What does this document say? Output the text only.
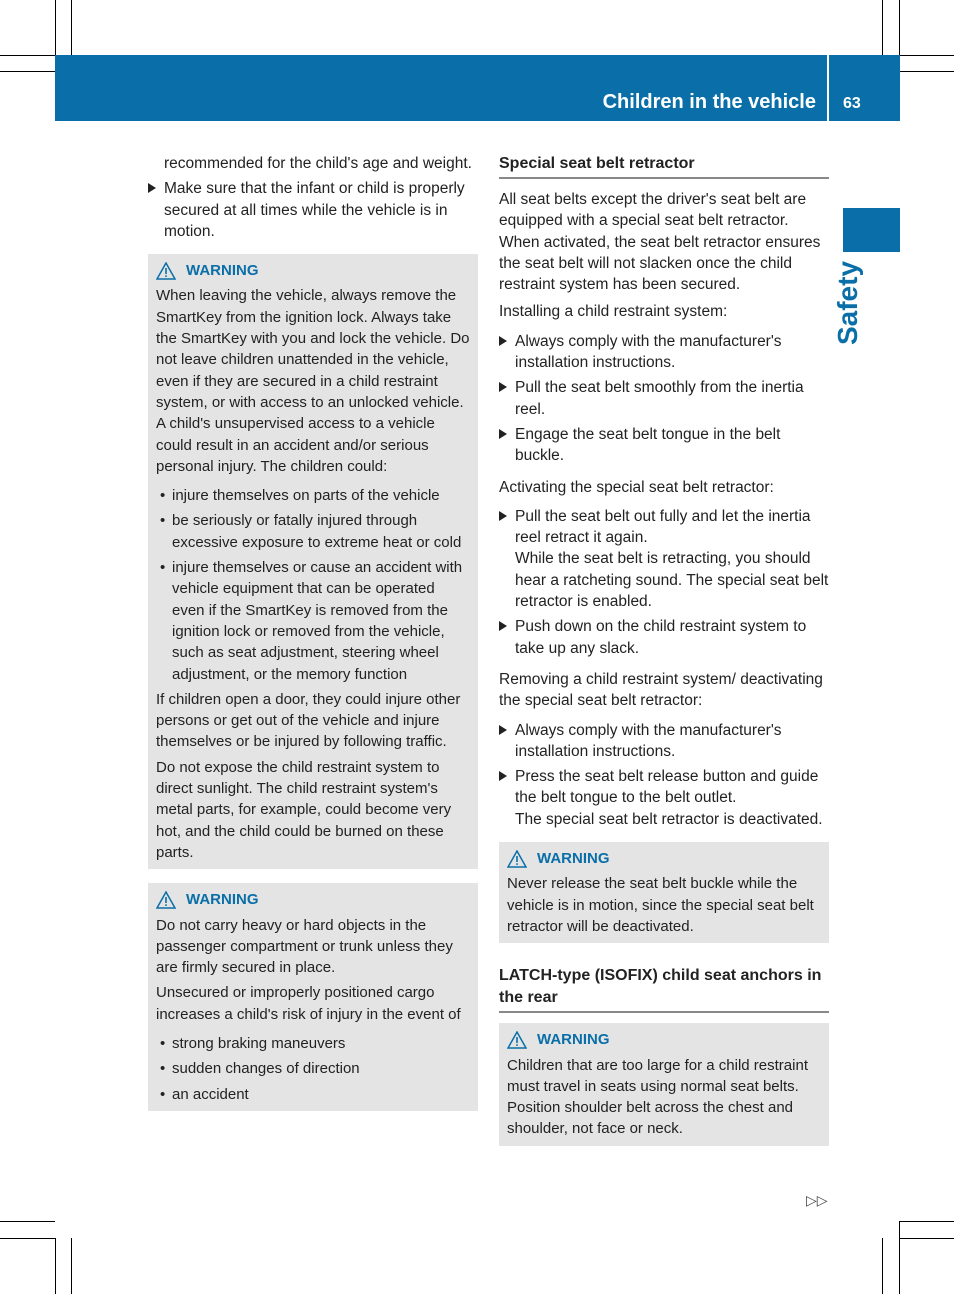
Children in the vehicle 63
Safety

recommended for the child's age and weight.

Make sure that the infant or child is properly secured at all times while the vehicle is in motion.
WARNING

When leaving the vehicle, always remove the SmartKey from the ignition lock. Always take the SmartKey with you and lock the vehicle. Do not leave children unattended in the vehicle, even if they are secured in a child restraint system, or with access to an unlocked vehicle. A child's unsupervised access to a vehicle could result in an accident and/or serious personal injury. The children could:

• injure themselves on parts of the vehicle
• be seriously or fatally injured through excessive exposure to extreme heat or cold
• injure themselves or cause an accident with vehicle equipment that can be operated even if the SmartKey is removed from the ignition lock or removed from the vehicle, such as seat adjustment, steering wheel adjustment, or the memory function

If children open a door, they could injure other persons or get out of the vehicle and injure themselves or be injured by following traffic.

Do not expose the child restraint system to direct sunlight. The child restraint system's metal parts, for example, could become very hot, and the child could be burned on these parts.

WARNING

Do not carry heavy or hard objects in the passenger compartment or trunk unless they are firmly secured in place.

Unsecured or improperly positioned cargo increases a child's risk of injury in the event of

• strong braking maneuvers
• sudden changes of direction
• an accident
Special seat belt retractor

All seat belts except the driver's seat belt are equipped with a special seat belt retractor. When activated, the seat belt retractor ensures the seat belt will not slacken once the child restraint system has been secured.

Installing a child restraint system:

Always comply with the manufacturer's installation instructions.
Pull the seat belt smoothly from the inertia reel.
Engage the seat belt tongue in the belt buckle.

Activating the special seat belt retractor:

Pull the seat belt out fully and let the inertia reel retract it again.
While the seat belt is retracting, you should hear a ratcheting sound. The special seat belt retractor is enabled.
Push down on the child restraint system to take up any slack.

Removing a child restraint system/ deactivating the special seat belt retractor:

Always comply with the manufacturer's installation instructions.
Press the seat belt release button and guide the belt tongue to the belt outlet.
The special seat belt retractor is deactivated.
WARNING

Never release the seat belt buckle while the vehicle is in motion, since the special seat belt retractor will be deactivated.

LATCH-type (ISOFIX) child seat anchors in the rear
WARNING

Children that are too large for a child restraint must travel in seats using normal seat belts. Position shoulder belt across the chest and shoulder, not face or neck.

▷▷
